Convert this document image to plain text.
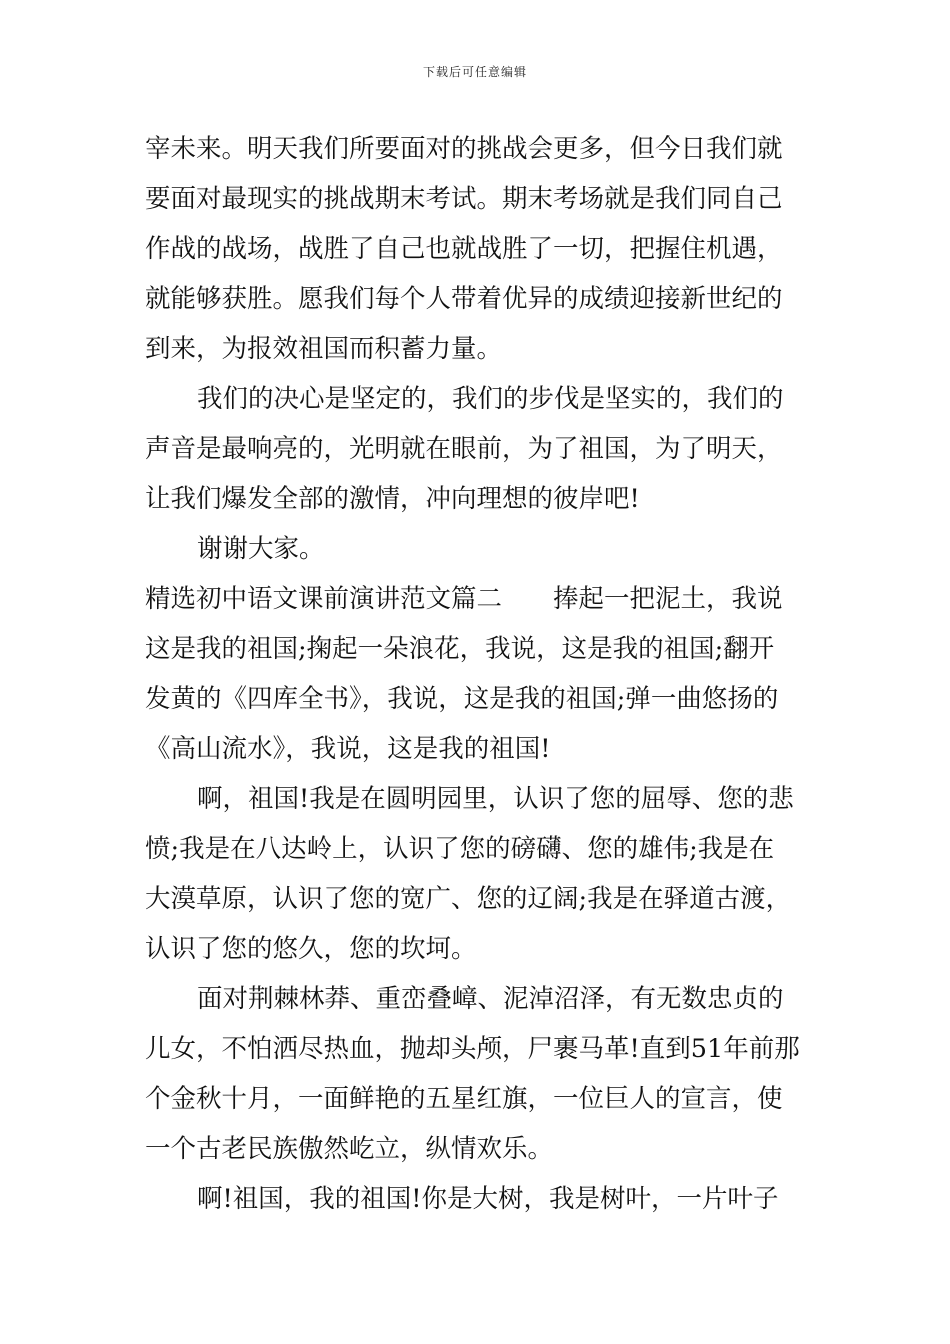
下载后可任意编辑
宰未来。明天我们所要面对的挑战会更多，但今日我们就
要面对最现实的挑战期末考试。期末考场就是我们同自己
作战的战场，战胜了自己也就战胜了一切，把握住机遇，
就能够获胜。愿我们每个人带着优异的成绩迎接新世纪的
到来，为报效祖国而积蓄力量。
我们的决心是坚定的，我们的步伐是坚实的，我们的
声音是最响亮的，光明就在眼前，为了祖国，为了明天，
让我们爆发全部的激情，冲向理想的彼岸吧!
谢谢大家。
精选初中语文课前演讲范文篇二　　捧起一把泥土，我说
这是我的祖国;掬起一朵浪花，我说，这是我的祖国;翻开
发黄的《四库全书》，我说，这是我的祖国;弹一曲悠扬的
《高山流水》，我说，这是我的祖国!
啊，祖国!我是在圆明园里，认识了您的屈辱、您的悲
愤;我是在八达岭上，认识了您的磅礴、您的雄伟;我是在
大漠草原，认识了您的宽广、您的辽阔;我是在驿道古渡，
认识了您的悠久，您的坎坷。
面对荆棘林莽、重峦叠嶂、泥淖沼泽，有无数忠贞的
儿女，不怕洒尽热血，抛却头颅，尸裹马革!直到51年前那
个金秋十月，一面鲜艳的五星红旗，一位巨人的宣言，使
一个古老民族傲然屹立，纵情欢乐。
啊!祖国，我的祖国!你是大树，我是树叶，一片叶子
